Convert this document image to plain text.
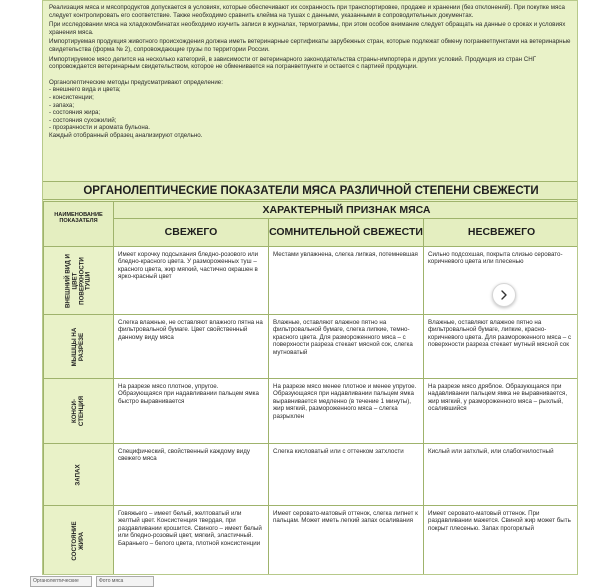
Реализация мяса и мясопродуктов допускается в условиях, которые обеспечивают их сохранность при транспортировке, продаже и хранении (без отклонений). При покупке мяса следует контролировать его соответствие. Также необходимо сравнить клейма на тушах с данными, указанными в сопроводительных документах.

При исследовании мяса на хладокомбинатах необходимо изучить записи в журналах, термограммы, при этом особое внимание следует обращать на данные о сроках и условиях хранения мяса.

Импортируемая продукция животного происхождения должна иметь ветеринарные сертификаты зарубежных стран, которые подлежат обмену погранветпунктами на ветеринарные свидетельства (форма № 2), сопровождающие грузы по территории России.

Импортируемое мясо делится на несколько категорий, в зависимости от ветеринарного законодательства страны-импортера и других условий. Продукция из стран СНГ сопровождается ветеринарным свидетельством, которое не обменивается на погранветпункте и остается с партией продукции.

Органолептические методы предусматривают определение:

- внешнего вида и цвета;
- консистенции;
- запаха;
- состояния жира;
- состояния сухожилий;
- прозрачности и аромата бульона.
Каждый отобранный образец анализируют отдельно.
ОРГАНОЛЕПТИЧЕСКИЕ ПОКАЗАТЕЛИ МЯСА РАЗЛИЧНОЙ СТЕПЕНИ СВЕЖЕСТИ
НАИМЕНОВАНИЕ ПОКАЗАТЕЛЯ	ХАРАКТЕРНЫЙ ПРИЗНАК МЯСА		
	СВЕЖЕГО	СОМНИТЕЛЬНОЙ СВЕЖЕСТИ	НЕСВЕЖЕГО

ВНЕШНИЙ ВИД И ЦВЕТ ПОВЕРХНОСТИ ТУШИ	Имеет корочку подсыхания бледно-розового или бледно-красного цвета. У размороженных туш – красного цвета, жир мягкий, частично окрашен в ярко-красный цвет	Местами увлажнена, слегка липкая, потемневшая	Сильно подсохшая, покрыта слизью серовато-коричневого цвета или плесенью

МЫШЦЫ НА РАЗРЕЗЕ	Слегка влажные, не оставляют влажного пятна на фильтровальной бумаге. Цвет свойственный данному виду мяса	Влажные, оставляют влажное пятно на фильтровальной бумаге, слегка липкие, темно-красного цвета. Для размороженного мяса – с поверхности разреза стекает мясной сок, слегка мутноватый	Влажные, оставляют влажное пятно на фильтровальной бумаге, липкие, красно-коричневого цвета. Для размороженного мяса – с поверхности разреза стекает мутный мясной сок

КОНСИ-СТЕНЦИЯ	На разрезе мясо плотное, упругое. Образующаяся при надавливании пальцем ямка быстро выравнивается	На разрезе мясо менее плотное и менее упругое. Образующаяся при надавливании пальцем ямка выравнивается медленно (в течение 1 минуты), жир мягкий, размороженного мяса – слегка разрыхлен	На разрезе мясо дряблое. Образующаяся при надавливании пальцем ямка не выравнивается, жир мягкий, у размороженного мяса – рыхлый, осалившийся

ЗАПАХ	Специфический, свойственный каждому виду свежего мяса	Слегка кисловатый или с оттенком затхлости	Кислый или затхлый, или слабогнилостный

СОСТОЯНИЕ ЖИРА	Говяжьего – имеет белый, желтоватый или желтый цвет. Консистенция твердая, при раздавливании крошится. Свиного – имеет белый или бледно-розовый цвет, мягкий, эластичный. Бараньего – белого цвета, плотной консистенции	Имеет серовато-матовый оттенок, слегка липнет к пальцам. Может иметь легкий запах осаливания	Имеет серовато-матовый оттенок. При раздавливании мажется. Свиной жир может быть покрыт плесенью. Запах прогорклый
Органолептические	Фото мяса
